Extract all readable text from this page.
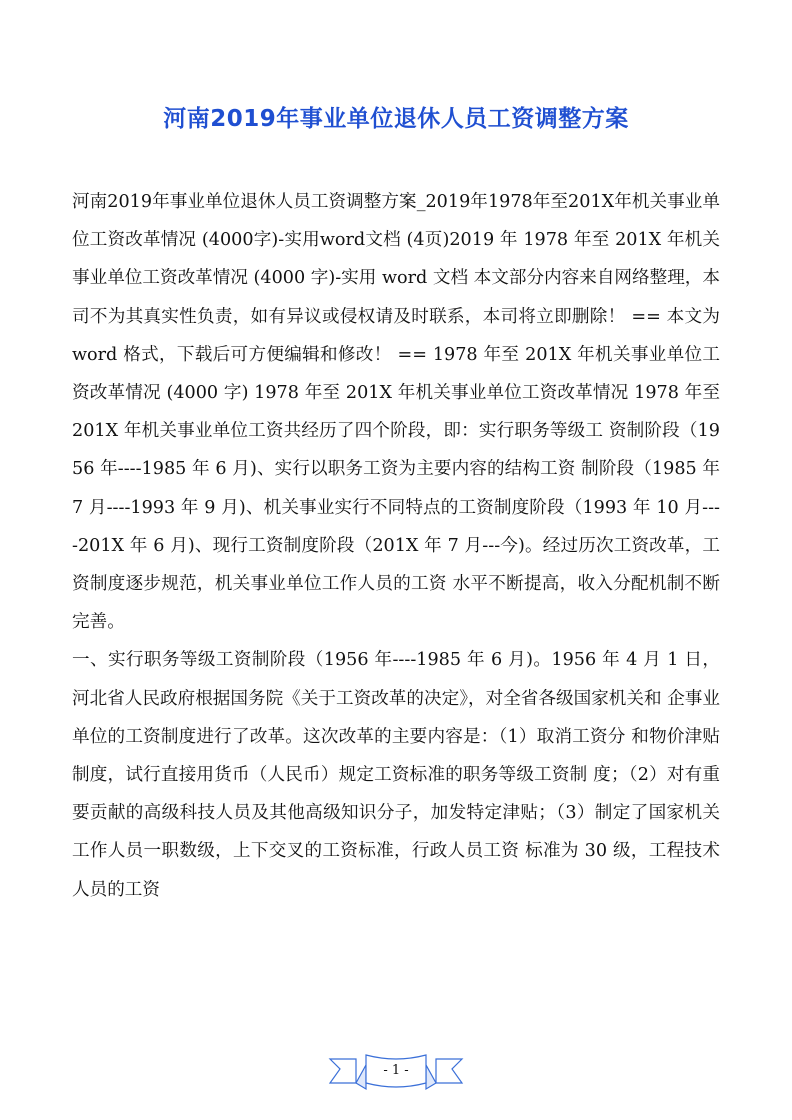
河南2019年事业单位退休人员工资调整方案

河南2019年事业单位退休人员工资调整方案_2019年1978年至201X年机关事业单位工资改革情况 (4000字)-实用word文档 (4页)2019 年 1978 年至 201X 年机关事业单位工资改革情况 (4000 字)-实用 word 文档 本文部分内容来自网络整理，本司不为其真实性负责，如有异议或侵权请及时联系，本司将立即删除！ == 本文为 word 格式，下载后可方便编辑和修改！ == 1978 年至 201X 年机关事业单位工资改革情况 (4000 字) 1978 年至 201X 年机关事业单位工资改革情况 1978 年至 201X 年机关事业单位工资共经历了四个阶段，即：实行职务等级工 资制阶段（1956 年----1985 年 6 月)、实行以职务工资为主要内容的结构工资 制阶段（1985 年 7 月----1993 年 9 月)、机关事业实行不同特点的工资制度阶段（1993 年 10 月----201X 年 6 月)、现行工资制度阶段（201X 年 7 月---今)。经过历次工资改革，工资制度逐步规范，机关事业单位工作人员的工资 水平不断提高，收入分配机制不断完善。

一、实行职务等级工资制阶段（1956 年----1985 年 6 月)。1956 年 4 月 1 日， 河北省人民政府根据国务院《关于工资改革的决定》，对全省各级国家机关和 企事业单位的工资制度进行了改革。这次改革的主要内容是：（1）取消工资分 和物价津贴制度，试行直接用货币（人民币）规定工资标准的职务等级工资制 度；（2）对有重要贡献的高级科技人员及其他高级知识分子，加发特定津贴；（3）制定了国家机关工作人员一职数级，上下交叉的工资标准，行政人员工资 标准为 30 级，工程技术人员的工资

- 1 -
